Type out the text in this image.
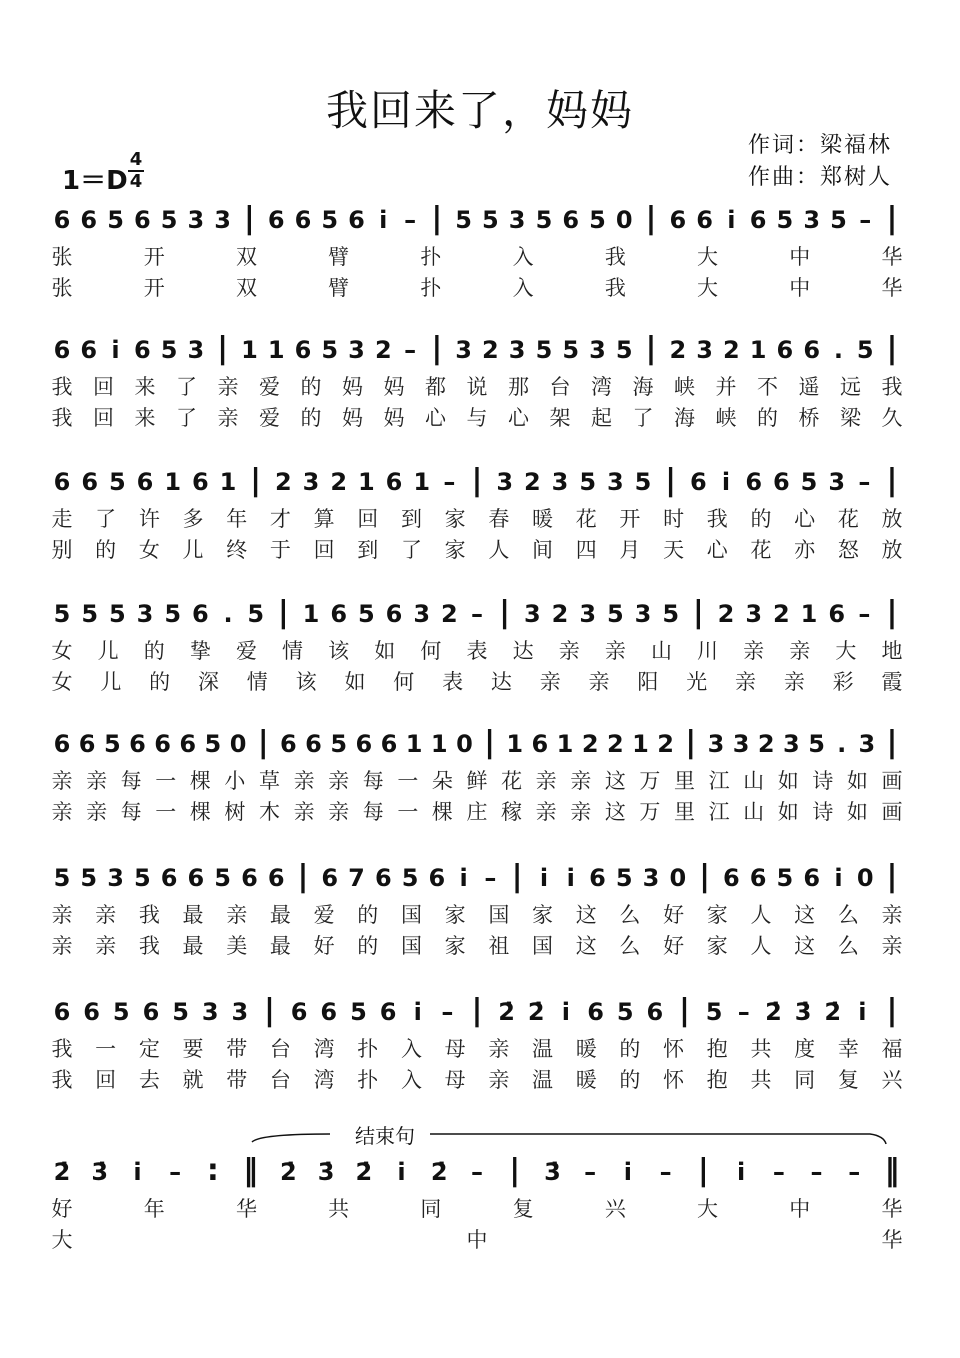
我回来了，妈妈
作词：梁福林
作曲：郑树人
1＝D
4
4
6 6 5 6 5 3 3 | 6 6 5 6 i̇ – | 5 5 3 5 6 5 0 | 6 6 i̇ 6 5 3 5 – |
张	开	双	臂	扑	入	我	大	中	华
张	开	双	臂	扑	入	我	大	中	华
6 6 i̇ 6 5 3 | 1 1 6 5 3 2 – | 3 2 3 5 5 3 5 | 2 3 2 1 6 6 . 5 |
我 回 来 了 亲 爱 的 妈 妈 都 说 那 台 湾 海 峡 并 不 遥 远 我
我 回 来 了 亲 爱 的 妈 妈 心 与 心 架 起 了 海 峡 的 桥 梁 久
6 6 5 6 1 6 1 | 2 3 2 1 6 1 – | 3 2 3 5 3 5 | 6 i̇ 6 6 5 3 – |
走 了 许 多 年 才 算 回 到 家 春 暖 花 开 时 我 的 心 花 放
别 的 女 儿 终 于 回 到 了 家 人 间 四 月 天 心 花 亦 怒 放
5 5 5 3 5 6 . 5 | 1 6 5 6 3 2 – | 3 2 3 5 3 5 | 2 3 2 1 6 – |
女 儿 的 挚 爱 情 该 如 何 表 达 亲 亲 山 川 亲 亲 大 地
女 儿 的 深 情 该 如 何 表 达 亲 亲 阳 光 亲 亲 彩 霞
6 6 5 6 6 6 5 0 | 6 6 5 6 6 1 1 0 | 1 6 1 2 2 1 2 | 3 3 2 3 5 . 3 |
亲 亲 每 一 棵 小 草 亲 亲 每 一 朵 鲜 花 亲 亲 这 万 里 江 山 如 诗 如 画
亲 亲 每 一 棵 树 木 亲 亲 每 一 棵 庄 稼 亲 亲 这 万 里 江 山 如 诗 如 画
5 5 3 5 6 6 5 6 6 | 6 7 6 5 6 i̇ – | i̇ i̇ 6 5 3 0 | 6 6 5 6 i̇ 0 |
亲 亲 我 最 亲 最 爱 的 国 家 国 家 这 么 好 家 人 这 么 亲
亲 亲 我 最 美 最 好 的 国 家 祖 国 这 么 好 家 人 这 么 亲
6 6 5 6 5 3 3 | 6 6 5 6 i̇ – | 2̇ 2̇ i̇ 6 5 6 | 5 – 2̇ 3̇ 2̇ i̇ |
我 一 定 要 带 台 湾 扑 入 母 亲 温 暖 的 怀 抱 共 度 幸 福
我 回 去 就 带 台 湾 扑 入 母 亲 温 暖 的 怀 抱 共 同 复 兴
2̇ 3̇ i̇ – : ‖ 2̇ 3̇ 2̇ i̇ 2̇ – | 3̇ – i̇ – | i̇ – – – ‖
好	年	华	共	同	复	兴	大	中	华
大	中	华
结束句
